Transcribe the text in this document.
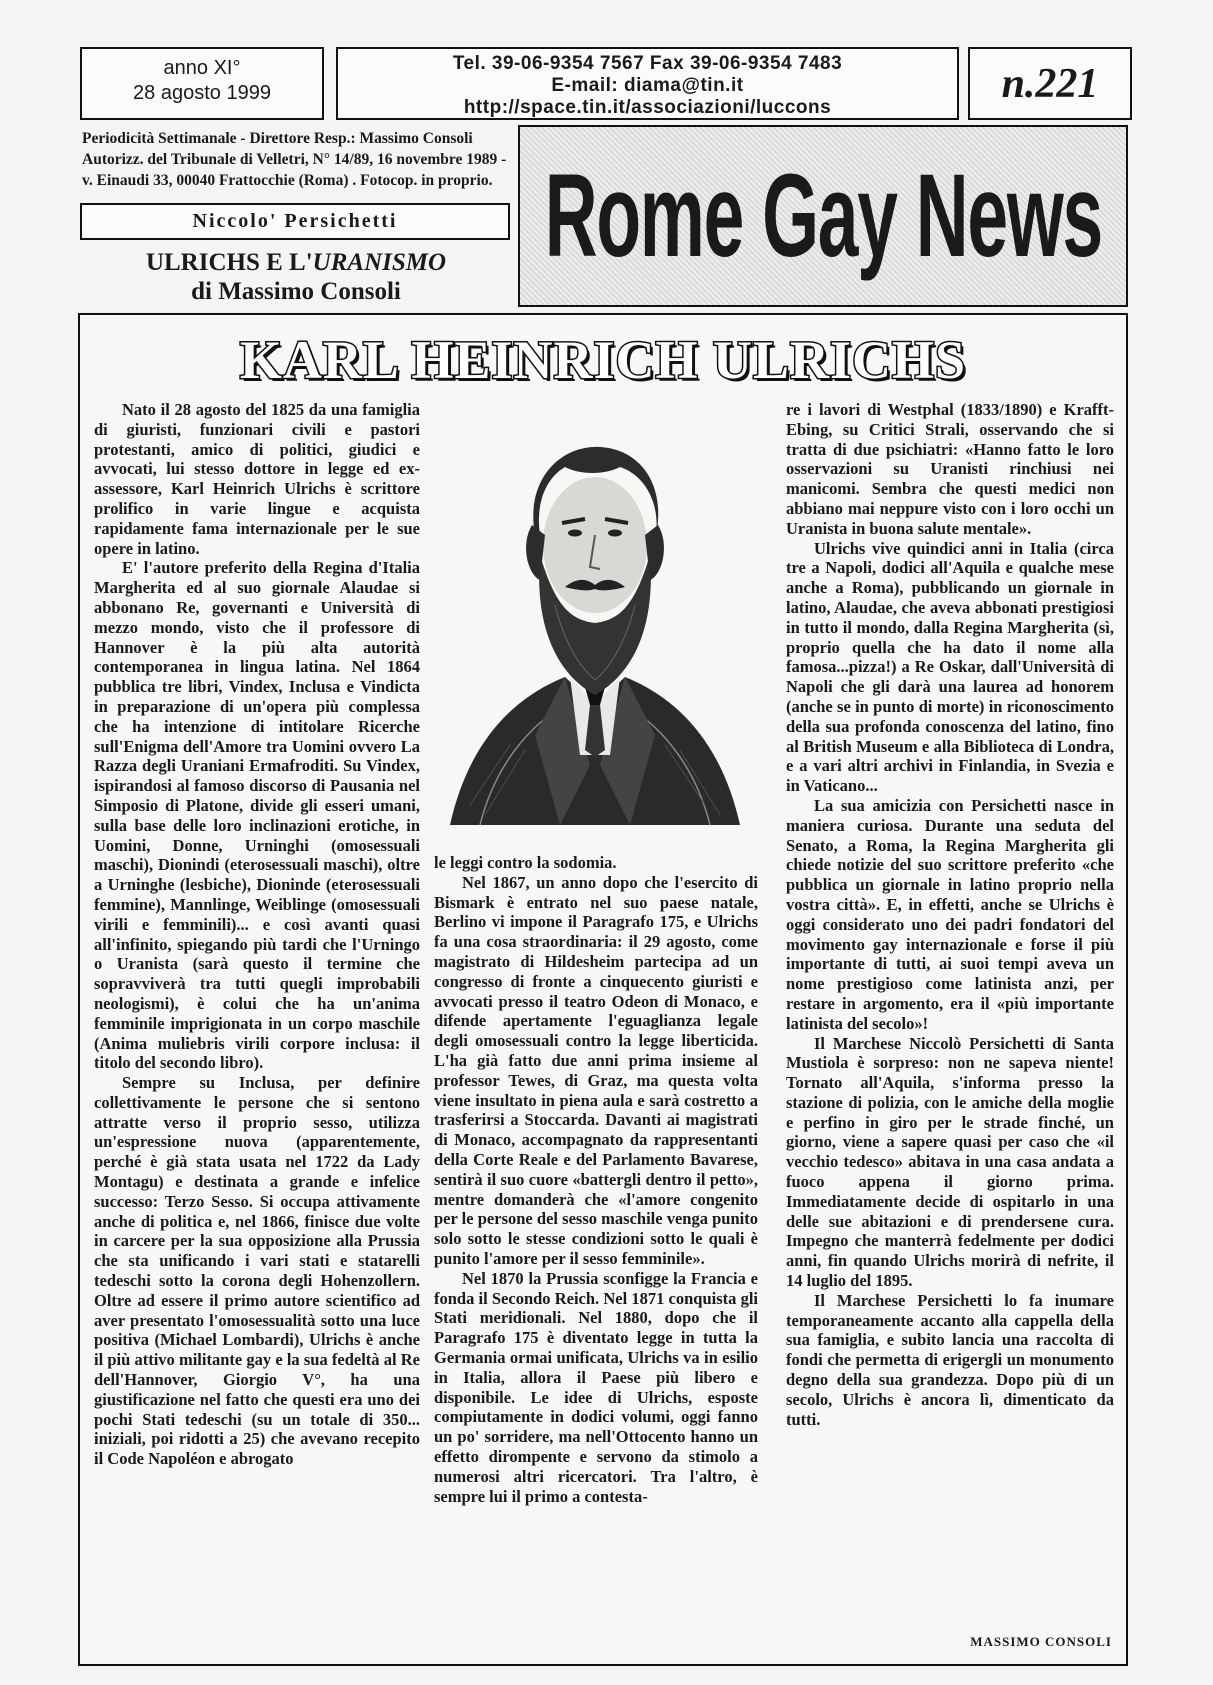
anno XI°
28 agosto 1999
Tel. 39-06-9354 7567 Fax 39-06-9354 7483
E-mail: diama@tin.it
http://space.tin.it/associazioni/luccons
n.221
Periodicità Settimanale - Direttore Resp.: Massimo Consoli
Autorizz. del Tribunale di Velletri, N° 14/89, 16 novembre 1989 -
v. Einaudi 33, 00040 Frattocchie (Roma) . Fotocop. in proprio.
Niccolo' Persichetti
ULRICHS E L'URANISMO
di Massimo Consoli
Rome Gay News
KARL HEINRICH ULRICHS

Nato il 28 agosto del 1825 da una famiglia di giuristi, funzionari civili e pastori protestanti, amico di politici, giudici e avvocati, lui stesso dottore in legge ed ex-assessore, Karl Heinrich Ulrichs è scrittore prolifico in varie lingue e acquista rapidamente fama internazionale per le sue opere in latino.

E' l'autore preferito della Regina d'Italia Margherita ed al suo giornale Alaudae si abbonano Re, governanti e Università di mezzo mondo, visto che il professore di Hannover è la più alta autorità contemporanea in lingua latina. Nel 1864 pubblica tre libri, Vindex, Inclusa e Vindicta in preparazione di un'opera più complessa che ha intenzione di intitolare Ricerche sull'Enigma dell'Amore tra Uomini ovvero La Razza degli Uraniani Ermafroditi. Su Vindex, ispirandosi al famoso discorso di Pausania nel Simposio di Platone, divide gli esseri umani, sulla base delle loro inclinazioni erotiche, in Uomini, Donne, Urninghi (omosessuali maschi), Dionindi (eterosessuali maschi), oltre a Urninghe (lesbiche), Dioninde (eterosessuali femmine), Mannlinge, Weiblinge (omosessuali virili e femminili)... e così avanti quasi all'infinito, spiegando più tardi che l'Urningo o Uranista (sarà questo il termine che sopravviverà tra tutti quegli improbabili neologismi), è colui che ha un'anima femminile imprigionata in un corpo maschile (Anima muliebris virili corpore inclusa: il titolo del secondo libro).

Sempre su Inclusa, per definire collettivamente le persone che si sentono attratte verso il proprio sesso, utilizza un'espressione nuova (apparentemente, perché è già stata usata nel 1722 da Lady Montagu) e destinata a grande e infelice successo: Terzo Sesso. Si occupa attivamente anche di politica e, nel 1866, finisce due volte in carcere per la sua opposizione alla Prussia che sta unificando i vari stati e statarelli tedeschi sotto la corona degli Hohenzollern. Oltre ad essere il primo autore scientifico ad aver presentato l'omosessualità sotto una luce positiva (Michael Lombardi), Ulrichs è anche il più attivo militante gay e la sua fedeltà al Re dell'Hannover, Giorgio V°, ha una giustificazione nel fatto che questi era uno dei pochi Stati tedeschi (su un totale di 350... iniziali, poi ridotti a 25) che avevano recepito il Code Napoléon e abrogato

le leggi contro la sodomia.

Nel 1867, un anno dopo che l'esercito di Bismark è entrato nel suo paese natale, Berlino vi impone il Paragrafo 175, e Ulrichs fa una cosa straordinaria: il 29 agosto, come magistrato di Hildesheim partecipa ad un congresso di fronte a cinquecento giuristi e avvocati presso il teatro Odeon di Monaco, e difende apertamente l'eguaglianza legale degli omosessuali contro la legge liberticida. L'ha già fatto due anni prima insieme al professor Tewes, di Graz, ma questa volta viene insultato in piena aula e sarà costretto a trasferirsi a Stoccarda. Davanti ai magistrati di Monaco, accompagnato da rappresentanti della Corte Reale e del Parlamento Bavarese, sentirà il suo cuore «battergli dentro il petto», mentre domanderà che «l'amore congenito per le persone del sesso maschile venga punito solo sotto le stesse condizioni sotto le quali è punito l'amore per il sesso femminile».

Nel 1870 la Prussia sconfigge la Francia e fonda il Secondo Reich. Nel 1871 conquista gli Stati meridionali. Nel 1880, dopo che il Paragrafo 175 è diventato legge in tutta la Germania ormai unificata, Ulrichs va in esilio in Italia, allora il Paese più libero e disponibile. Le idee di Ulrichs, esposte compiutamente in dodici volumi, oggi fanno un po' sorridere, ma nell'Ottocento hanno un effetto dirompente e servono da stimolo a numerosi altri ricercatori. Tra l'altro, è sempre lui il primo a contesta-

re i lavori di Westphal (1833/1890) e Krafft-Ebing, su Critici Strali, osservando che si tratta di due psichiatri: «Hanno fatto le loro osservazioni su Uranisti rinchiusi nei manicomi. Sembra che questi medici non abbiano mai neppure visto con i loro occhi un Uranista in buona salute mentale».

Ulrichs vive quindici anni in Italia (circa tre a Napoli, dodici all'Aquila e qualche mese anche a Roma), pubblicando un giornale in latino, Alaudae, che aveva abbonati prestigiosi in tutto il mondo, dalla Regina Margherita (sì, proprio quella che ha dato il nome alla famosa...pizza!) a Re Oskar, dall'Università di Napoli che gli darà una laurea ad honorem (anche se in punto di morte) in riconoscimento della sua profonda conoscenza del latino, fino al British Museum e alla Biblioteca di Londra, e a vari altri archivi in Finlandia, in Svezia e in Vaticano...

La sua amicizia con Persichetti nasce in maniera curiosa. Durante una seduta del Senato, a Roma, la Regina Margherita gli chiede notizie del suo scrittore preferito «che pubblica un giornale in latino proprio nella vostra città». E, in effetti, anche se Ulrichs è oggi considerato uno dei padri fondatori del movimento gay internazionale e forse il più importante di tutti, ai suoi tempi aveva un nome prestigioso come latinista anzi, per restare in argomento, era il «più importante latinista del secolo»!

Il Marchese Niccolò Persichetti di Santa Mustiola è sorpreso: non ne sapeva niente! Tornato all'Aquila, s'informa presso la stazione di polizia, con le amiche della moglie e perfino in giro per le strade finché, un giorno, viene a sapere quasi per caso che «il vecchio tedesco» abitava in una casa andata a fuoco appena il giorno prima. Immediatamente decide di ospitarlo in una delle sue abitazioni e di prendersene cura. Impegno che manterrà fedelmente per dodici anni, fin quando Ulrichs morirà di nefrite, il 14 luglio del 1895.

Il Marchese Persichetti lo fa inumare temporaneamente accanto alla cappella della sua famiglia, e subito lancia una raccolta di fondi che permetta di erigergli un monumento degno della sua grandezza. Dopo più di un secolo, Ulrichs è ancora lì, dimenticato da tutti.

MASSIMO CONSOLI
